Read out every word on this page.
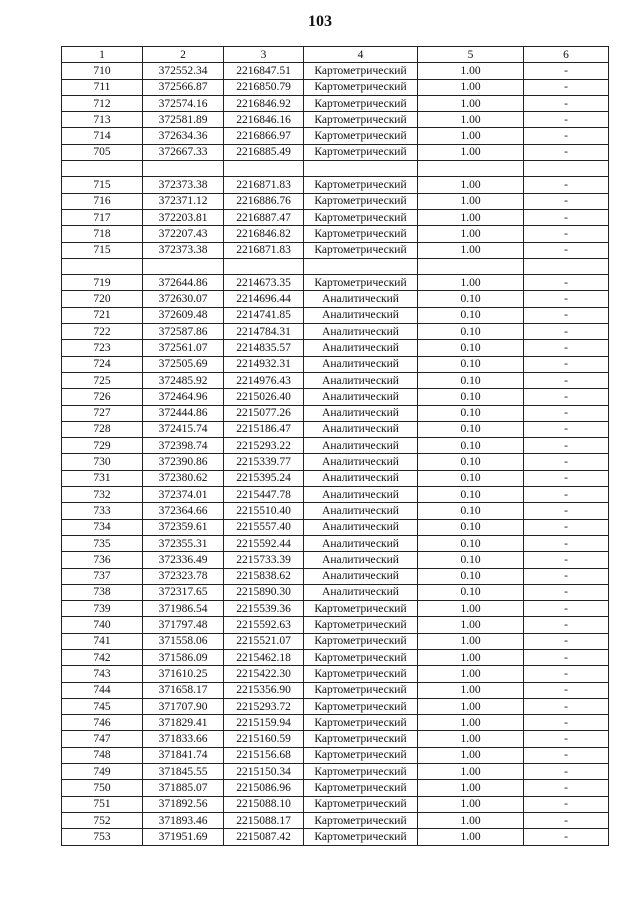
103
1	2	3	4	5	6
710	372552.34	2216847.51	Картометрический	1.00	-
711	372566.87	2216850.79	Картометрический	1.00	-
712	372574.16	2216846.92	Картометрический	1.00	-
713	372581.89	2216846.16	Картометрический	1.00	-
714	372634.36	2216866.97	Картометрический	1.00	-
705	372667.33	2216885.49	Картометрический	1.00	-

715	372373.38	2216871.83	Картометрический	1.00	-
716	372371.12	2216886.76	Картометрический	1.00	-
717	372203.81	2216887.47	Картометрический	1.00	-
718	372207.43	2216846.82	Картометрический	1.00	-
715	372373.38	2216871.83	Картометрический	1.00	-

719	372644.86	2214673.35	Картометрический	1.00	-
720	372630.07	2214696.44	Аналитический	0.10	-
721	372609.48	2214741.85	Аналитический	0.10	-
722	372587.86	2214784.31	Аналитический	0.10	-
723	372561.07	2214835.57	Аналитический	0.10	-
724	372505.69	2214932.31	Аналитический	0.10	-
725	372485.92	2214976.43	Аналитический	0.10	-
726	372464.96	2215026.40	Аналитический	0.10	-
727	372444.86	2215077.26	Аналитический	0.10	-
728	372415.74	2215186.47	Аналитический	0.10	-
729	372398.74	2215293.22	Аналитический	0.10	-
730	372390.86	2215339.77	Аналитический	0.10	-
731	372380.62	2215395.24	Аналитический	0.10	-
732	372374.01	2215447.78	Аналитический	0.10	-
733	372364.66	2215510.40	Аналитический	0.10	-
734	372359.61	2215557.40	Аналитический	0.10	-
735	372355.31	2215592.44	Аналитический	0.10	-
736	372336.49	2215733.39	Аналитический	0.10	-
737	372323.78	2215838.62	Аналитический	0.10	-
738	372317.65	2215890.30	Аналитический	0.10	-
739	371986.54	2215539.36	Картометрический	1.00	-
740	371797.48	2215592.63	Картометрический	1.00	-
741	371558.06	2215521.07	Картометрический	1.00	-
742	371586.09	2215462.18	Картометрический	1.00	-
743	371610.25	2215422.30	Картометрический	1.00	-
744	371658.17	2215356.90	Картометрический	1.00	-
745	371707.90	2215293.72	Картометрический	1.00	-
746	371829.41	2215159.94	Картометрический	1.00	-
747	371833.66	2215160.59	Картометрический	1.00	-
748	371841.74	2215156.68	Картометрический	1.00	-
749	371845.55	2215150.34	Картометрический	1.00	-
750	371885.07	2215086.96	Картометрический	1.00	-
751	371892.56	2215088.10	Картометрический	1.00	-
752	371893.46	2215088.17	Картометрический	1.00	-
753	371951.69	2215087.42	Картометрический	1.00	-
